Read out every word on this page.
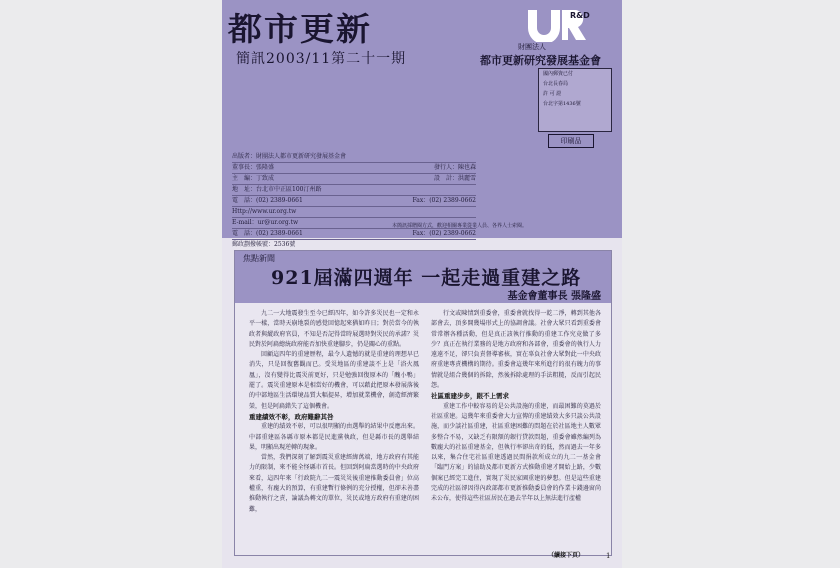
都市更新
簡訊2003/11第二十一期
R&D
UR
財團法人
都市更新研究發展基金會
國內郵資已付
台北長春局
許 可 證
台北字第1436號
印刷品
出版者：財團法人都市更新研究發展基金會
董事長：張隆盛	發行人：陳也森
主　編：丁致成	設　計：洪麗雪
地　址：台北市中正區100汀州路
電　話：(02) 2389-0661	Fax：(02) 2389-0662
Http://www.ur.org.tw
E-mail：ur@ur.org.tw
電　話：(02) 2389-0661	Fax：(02) 2389-0662
郵政劃撥帳號：2536號
本簡訊採贈閱方式，歡迎相關專業從業人員、各界人士索閱。
焦點新聞
921屆滿四週年 一起走過重建之路
基金會董事長 張隆盛

九二一大地震發生至今已經四年，如今許多災民也一定和永平一樣，當時天崩地裂的感覺回憶起來猶如昨日；對於當今的執政者與縱政府官員，不知是否記得當時展選時對災民的承諾？災民對於阿扁總統政府能否加快重建腳步，仍是關心的重點。

回顧這四年的重建歷程，最令人遺憾的就是重建的理想早已消失，只是回復舊觀而已。受災地區的重建談不上是「浴火鳳凰」，沒有變得比震災前更好，只是勉強回復原本的「醜小鴨」罷了。震災重建原本是相當好的機會，可以藉此把原本發展落後的中部地區生活環境品質大幅提昇，增加就業機會，創造經濟繁榮，但是阿扁錯失了這個機會。

重建績效不彰，政府難辭其咎

重建的績效不彰，可以很明顯的由選舉的結果中反應出來。中部重建區各縣市原本都是民進黨執政，但是縣市長的選舉結果，明顯出現逆轉的現象。

當然，我們深刻了解到震災重建經緯萬端，地方政府有其能力的限制，來不能全怪縣市首長。但回到阿扁當選時的中央政府來看，這四年來「行政院九二一震災災後重建推動委員會」位高權重，有龐大的預算，有重建暫行條例的充分授權，但卻未善盡推動執行之責，論議為轉文的單位，災民或地方政府有重建的困難，

行文或陳情到重委會，重委會就找得一乾二淨，轉到其他各部會去，頂多開幾場形式上的協調會議。社會大眾只看到重委會常常辦各種活動，但是真正該執行推動的重建工作究竟做了多少？真正在執行業務的是地方政府和各部會，重委會的執行人力遠遠不足，卻只負責督導審核，實在辜負社會大眾對此一中央政府重建專責機構的期待。重委會這幾年來所進行的很有魄力的事情就是組合幾個的拆除，然後拆除處理的手法粗糙，反而引起民怨。

社區重建步步，跟不上需求

重建工作中較容易的是公共設施的重建，而最困難的莫過於社區重建。這幾年來重委會大力宣傳的重建績效大多只談公共設施，而少談社區重建，社區重建困難的問題在於社區地主人數眾多整合不易，又缺乏有限額的銀行貸款問題，重委會雖然編列為數龐大的社區重建基金，但執行率卻出奇的低，然而過去一年多以來，集合住宅社區重建透過民間捐款所成立的九二一基金會「臨門方案」的協助及都市更新方式推動重建才開始上路，少數個案已經完工進住，實現了災民家園重建的夢想。但是這些重建完成的社區卻因得內政部都市更新推動委員會的作業卡錢邊窗尚未公布，使得這些社區居民在過去半年以上無法進行產權

（續接下頁）	1
